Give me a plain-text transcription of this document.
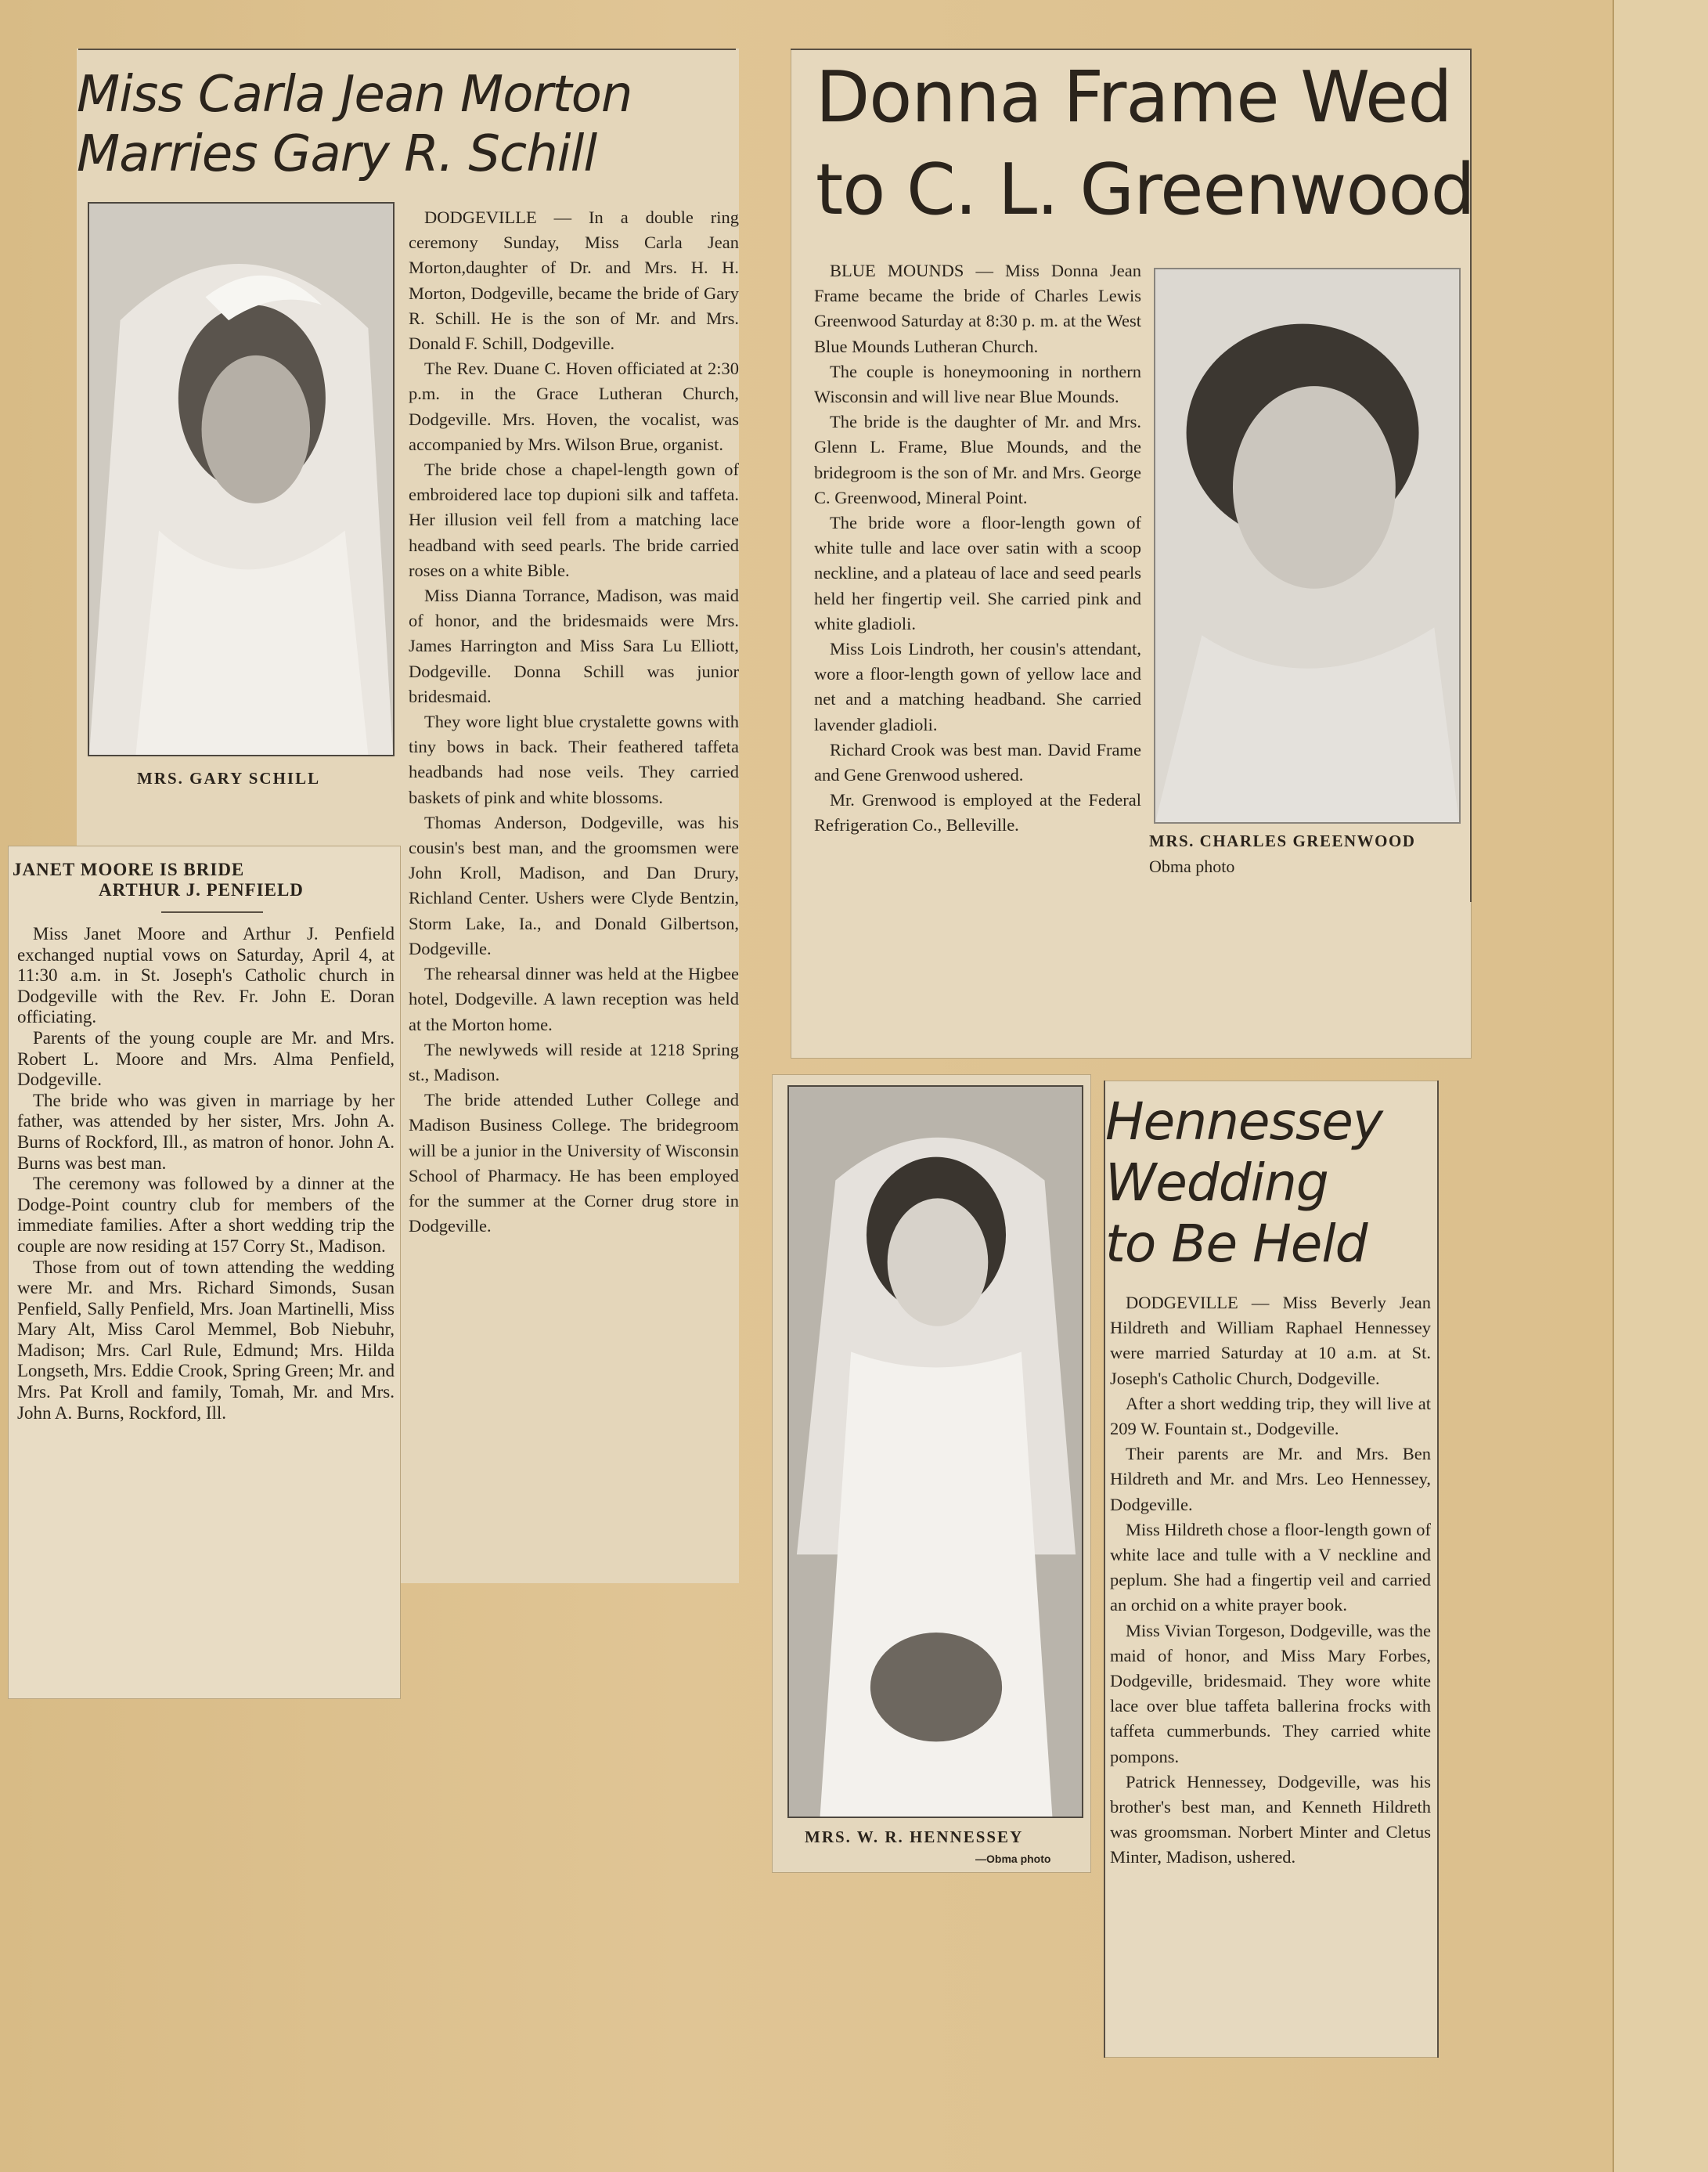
Miss Carla Jean Morton
Marries Gary R. Schill
MRS. GARY SCHILL

DODGEVILLE — In a double ring ceremony Sunday, Miss Carla Jean Morton,daughter of Dr. and Mrs. H. H. Morton, Dodgeville, became the bride of Gary R. Schill. He is the son of Mr. and Mrs. Donald F. Schill, Dodgeville.

The Rev. Duane C. Hoven officiated at 2:30 p.m. in the Grace Lutheran Church, Dodgeville. Mrs. Hoven, the vocalist, was accompanied by Mrs. Wilson Brue, organist.

The bride chose a chapel-length gown of embroidered lace top dupioni silk and taffeta. Her illusion veil fell from a matching lace headband with seed pearls. The bride carried roses on a white Bible.

Miss Dianna Torrance, Madison, was maid of honor, and the bridesmaids were Mrs. James Harrington and Miss Sara Lu Elliott, Dodgeville. Donna Schill was junior bridesmaid.

They wore light blue crystalette gowns with tiny bows in back. Their feathered taffeta headbands had nose veils. They carried baskets of pink and white blossoms.

Thomas Anderson, Dodgeville, was his cousin's best man, and the groomsmen were John Kroll, Madison, and Dan Drury, Richland Center. Ushers were Clyde Bentzin, Storm Lake, Ia., and Donald Gilbertson, Dodgeville.

The rehearsal dinner was held at the Higbee hotel, Dodgeville. A lawn reception was held at the Morton home.

The newlyweds will reside at 1218 Spring st., Madison.

The bride attended Luther College and Madison Business College. The bridegroom will be a junior in the University of Wisconsin School of Pharmacy. He has been employed for the summer at the Corner drug store in Dodgeville.

JANET MOORE IS BRIDE
ARTHUR J. PENFIELD

Miss Janet Moore and Arthur J. Penfield exchanged nuptial vows on Saturday, April 4, at 11:30 a.m. in St. Joseph's Catholic church in Dodgeville with the Rev. Fr. John E. Doran officiating.

Parents of the young couple are Mr. and Mrs. Robert L. Moore and Mrs. Alma Penfield, Dodgeville.

The bride who was given in marriage by her father, was attended by her sister, Mrs. John A. Burns of Rockford, Ill., as matron of honor. John A. Burns was best man.

The ceremony was followed by a dinner at the Dodge-Point country club for members of the immediate families. After a short wedding trip the couple are now residing at 157 Corry St., Madison.

Those from out of town attending the wedding were Mr. and Mrs. Richard Simonds, Susan Penfield, Sally Penfield, Mrs. Joan Martinelli, Miss Mary Alt, Miss Carol Memmel, Bob Niebuhr, Madison; Mrs. Carl Rule, Edmund; Mrs. Hilda Longseth, Mrs. Eddie Crook, Spring Green; Mr. and Mrs. Pat Kroll and family, Tomah, Mr. and Mrs. John A. Burns, Rockford, Ill.

Donna Frame Wed
to C. L. Greenwood

BLUE MOUNDS — Miss Donna Jean Frame became the bride of Charles Lewis Greenwood Saturday at 8:30 p. m. at the West Blue Mounds Lutheran Church.

The couple is honeymooning in northern Wisconsin and will live near Blue Mounds.

The bride is the daughter of Mr. and Mrs. Glenn L. Frame, Blue Mounds, and the bridegroom is the son of Mr. and Mrs. George C. Greenwood, Mineral Point.

The bride wore a floor-length gown of white tulle and lace over satin with a scoop neckline, and a plateau of lace and seed pearls held her fingertip veil. She carried pink and white gladioli.

Miss Lois Lindroth, her cousin's attendant, wore a floor-length gown of yellow lace and net and a matching headband. She carried lavender gladioli.

Richard Crook was best man. David Frame and Gene Grenwood ushered.

Mr. Grenwood is employed at the Federal Refrigeration Co., Belleville.

MRS. CHARLES GREENWOOD
Obma photo
MRS. W. R. HENNESSEY
—Obma photo
Hennessey
Wedding
to Be Held

DODGEVILLE — Miss Beverly Jean Hildreth and William Raphael Hennessey were married Saturday at 10 a.m. at St. Joseph's Catholic Church, Dodgeville.

After a short wedding trip, they will live at 209 W. Fountain st., Dodgeville.

Their parents are Mr. and Mrs. Ben Hildreth and Mr. and Mrs. Leo Hennessey, Dodgeville.

Miss Hildreth chose a floor-length gown of white lace and tulle with a V neckline and peplum. She had a fingertip veil and carried an orchid on a white prayer book.

Miss Vivian Torgeson, Dodgeville, was the maid of honor, and Miss Mary Forbes, Dodgeville, bridesmaid. They wore white lace over blue taffeta ballerina frocks with taffeta cummerbunds. They carried white pompons.

Patrick Hennessey, Dodgeville, was his brother's best man, and Kenneth Hildreth was groomsman. Norbert Minter and Cletus Minter, Madison, ushered.
